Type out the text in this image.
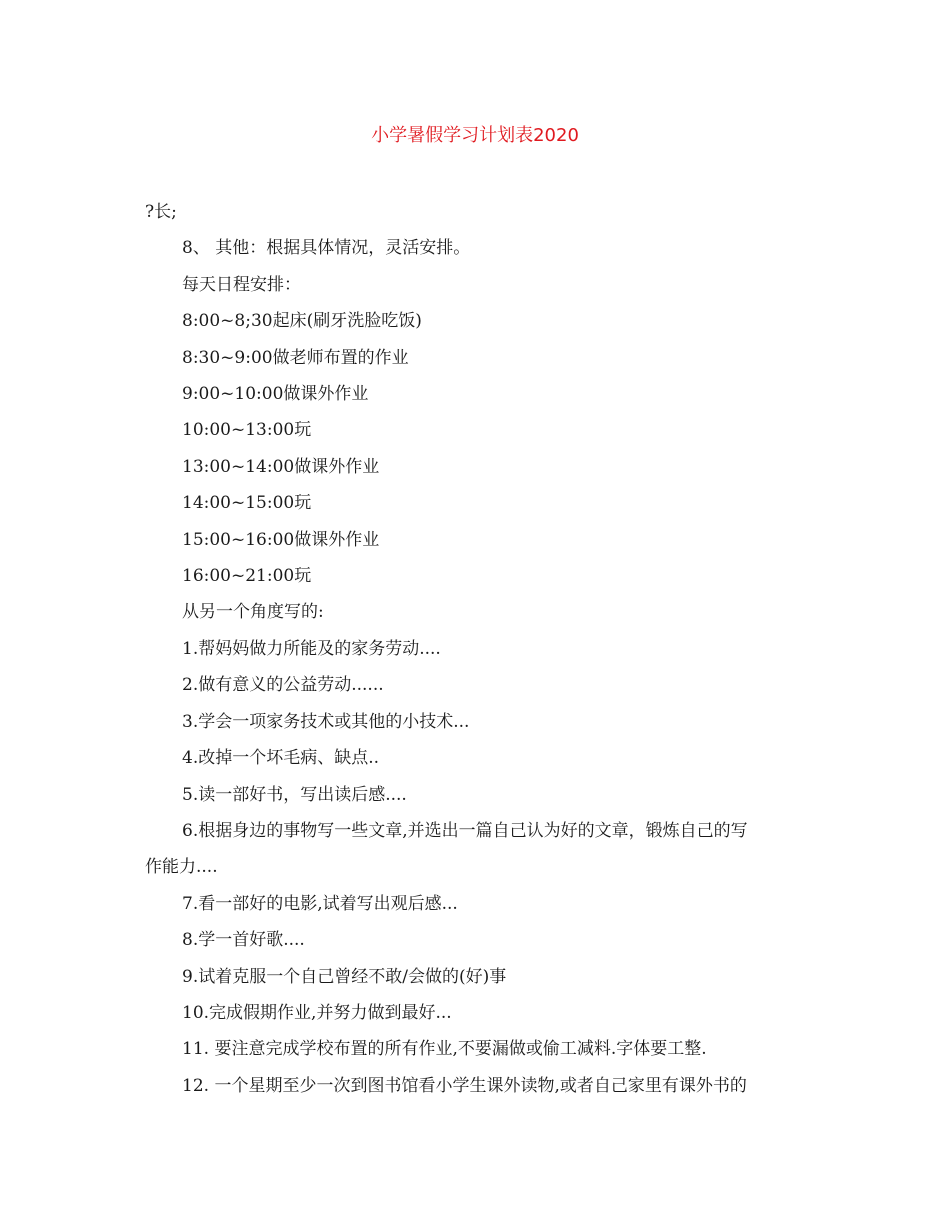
小学暑假学习计划表2020

?长;

8、 其他：根据具体情况，灵活安排。

每天日程安排：

8:00~8;30起床(刷牙洗脸吃饭)

8:30~9:00做老师布置的作业

9:00~10:00做课外作业

10:00~13:00玩

13:00~14:00做课外作业

14:00~15:00玩

15:00~16:00做课外作业

16:00~21:00玩

从另一个角度写的:

1.帮妈妈做力所能及的家务劳动....

2.做有意义的公益劳动......

3.学会一项家务技术或其他的小技术...

4.改掉一个坏毛病、缺点..

5.读一部好书，写出读后感....

6.根据身边的事物写一些文章,并选出一篇自己认为好的文章，锻炼自己的写

作能力....

7.看一部好的电影,试着写出观后感...

8.学一首好歌....

9.试着克服一个自己曾经不敢/会做的(好)事

10.完成假期作业,并努力做到最好...

11. 要注意完成学校布置的所有作业,不要漏做或偷工减料.字体要工整.

12. 一个星期至少一次到图书馆看小学生课外读物,或者自己家里有课外书的
